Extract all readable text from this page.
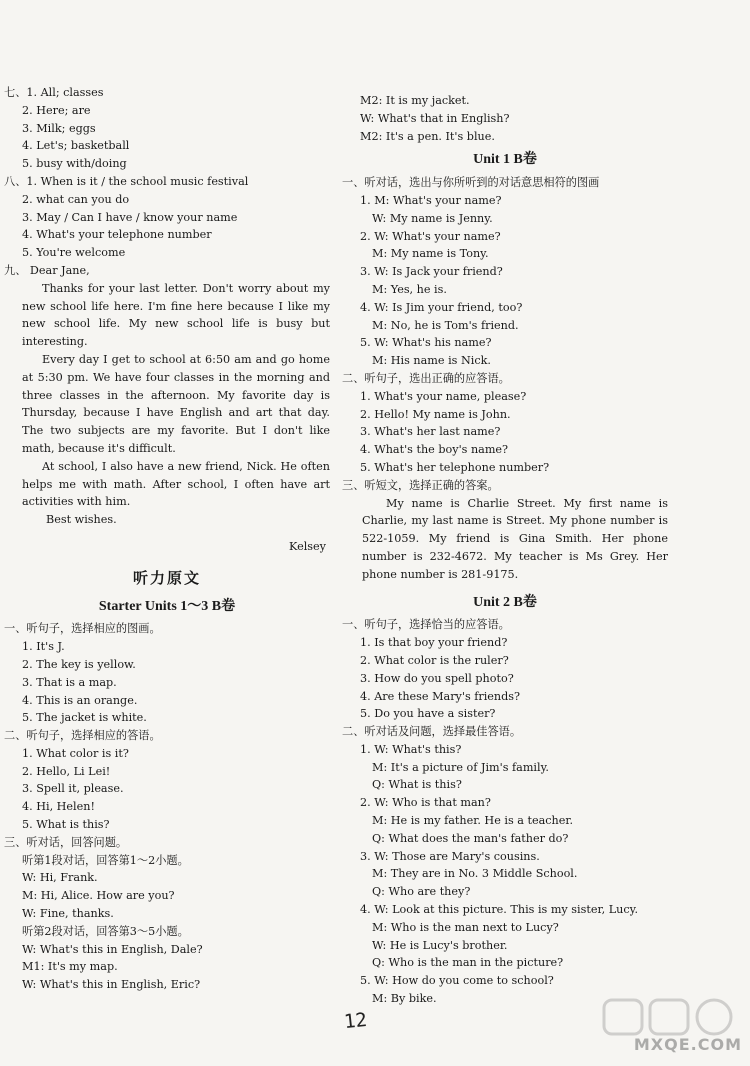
七、1. All; classes
2. Here; are
3. Milk; eggs
4. Let's; basketball
5. busy with/doing
八、1. When is it / the school music festival
2. what can you do
3. May / Can I have / know your name
4. What's your telephone number
5. You're welcome
九、 Dear Jane,
Thanks for your last letter. Don't worry about my new school life here. I'm fine here because I like my new school life. My new school life is busy but interesting.
Every day I get to school at 6:50 am and go home at 5:30 pm. We have four classes in the morning and three classes in the afternoon. My favorite day is Thursday, because I have English and art that day. The two subjects are my favorite. But I don't like math, because it's difficult.
At school, I also have a new friend, Nick. He often helps me with math. After school, I often have art activities with him.
Best wishes.
Kelsey
听力原文
Starter Units 1～3 B卷
一、听句子，选择相应的图画。
1. It's J.
2. The key is yellow.
3. That is a map.
4. This is an orange.
5. The jacket is white.
二、听句子，选择相应的答语。
1. What color is it?
2. Hello, Li Lei!
3. Spell it, please.
4. Hi, Helen!
5. What is this?
三、听对话，回答问题。
听第1段对话，回答第1～2小题。
W: Hi, Frank.
M: Hi, Alice. How are you?
W: Fine, thanks.
听第2段对话，回答第3～5小题。
W: What's this in English, Dale?
M1: It's my map.
W: What's this in English, Eric?
M2: It is my jacket.
W: What's that in English?
M2: It's a pen. It's blue.
Unit 1 B卷
一、听对话，选出与你所听到的对话意思相符的图画
1. M: What's your name?
W: My name is Jenny.
2. W: What's your name?
M: My name is Tony.
3. W: Is Jack your friend?
M: Yes, he is.
4. W: Is Jim your friend, too?
M: No, he is Tom's friend.
5. W: What's his name?
M: His name is Nick.
二、听句子，选出正确的应答语。
1. What's your name, please?
2. Hello! My name is John.
3. What's her last name?
4. What's the boy's name?
5. What's her telephone number?
三、听短文，选择正确的答案。
My name is Charlie Street. My first name is Charlie, my last name is Street. My phone number is 522-1059. My friend is Gina Smith. Her phone number is 232-4672. My teacher is Ms Grey. Her phone number is 281-9175.
Unit 2 B卷
一、听句子，选择恰当的应答语。
1. Is that boy your friend?
2. What color is the ruler?
3. How do you spell photo?
4. Are these Mary's friends?
5. Do you have a sister?
二、听对话及问题，选择最佳答语。
1. W: What's this?
M: It's a picture of Jim's family.
Q: What is this?
2. W: Who is that man?
M: He is my father. He is a teacher.
Q: What does the man's father do?
3. W: Those are Mary's cousins.
M: They are in No. 3 Middle School.
Q: Who are they?
4. W: Look at this picture. This is my sister, Lucy.
M: Who is the man next to Lucy?
W: He is Lucy's brother.
Q: Who is the man in the picture?
5. W: How do you come to school?
M: By bike.
12
MXQE.COM
